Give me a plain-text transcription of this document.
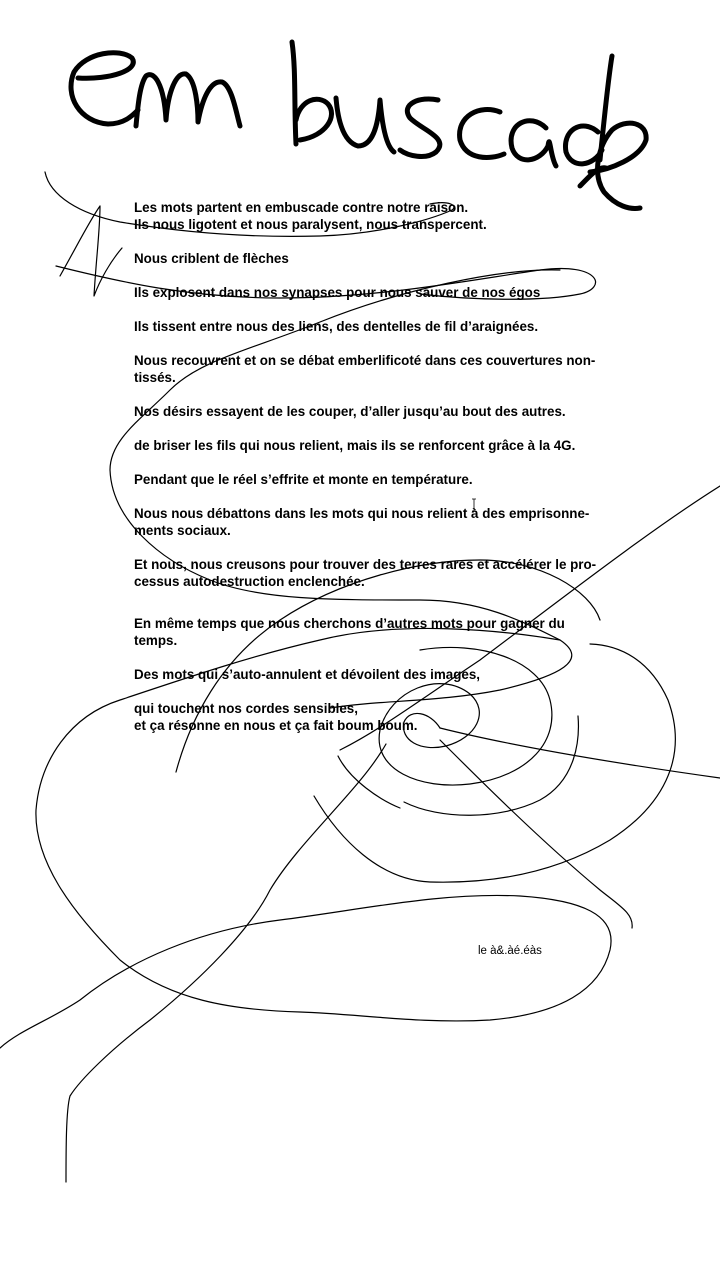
Les mots partent en embuscade contre notre raison.
Ils nous ligotent et nous paralysent, nous transpercent.
Nous criblent de flèches
Ils explosent dans nos synapses pour nous sauver de nos égos
Ils tissent entre nous des liens, des dentelles de fil d’araignées.
Nous recouvrent et on se débat emberlificoté dans ces couvertures non-
tissés.
Nos désirs essayent de les couper, d’aller jusqu’au bout des autres.
de briser les fils qui nous relient, mais ils se renforcent grâce à la 4G.
Pendant que le réel s’effrite et monte en température.
Nous nous débattons dans les mots qui nous relient à des emprisonne-
ments sociaux.
Et nous, nous creusons pour trouver des terres rares et accélérer le pro-
cessus autodestruction enclenchée.
En même temps que nous cherchons d’autres mots pour gagner du
temps.
Des mots qui s’auto-annulent et dévoilent des images,
qui touchent nos cordes sensibles,
et ça résonne en nous et ça fait boum boum.
le à&.àé.éàs
